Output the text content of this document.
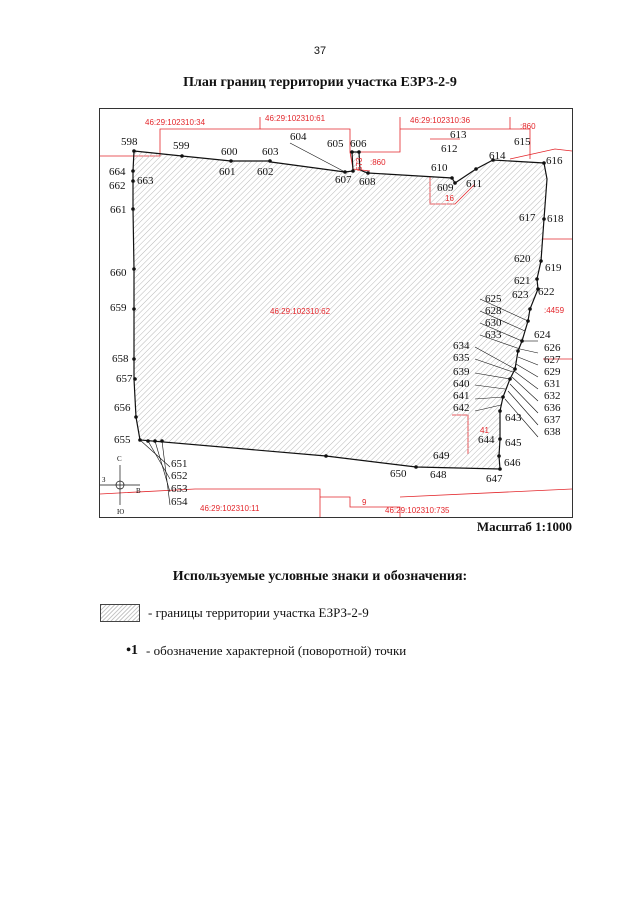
37
План границ территории участка ЕЗРЗ-2-9
46:29:102310:34	46:29:102310:61	46:29:102310:36
:860
:860
673
16
46:29:102310:62	:4459
41
46:29:102310:11
9
46:29:102310:735
С
З
В
Ю
598	599	600
601 602
603
604
605 606
607 608	609
610
611
612
613
614
615
616
617 618
619
620
621
622
623
624
625
626
627
628
629
630
631
632
633
634
635
636
637
638
639
640
641
642
643
644 645
646
647
648
649
650
651
652
653
654
655
656
657
658
659
660
661
662 663
664
Масштаб 1:1000
Используемые условные знаки и обозначения:
- границы территории участка ЕЗРЗ-2-9
•1 - обозначение характерной (поворотной) точки
